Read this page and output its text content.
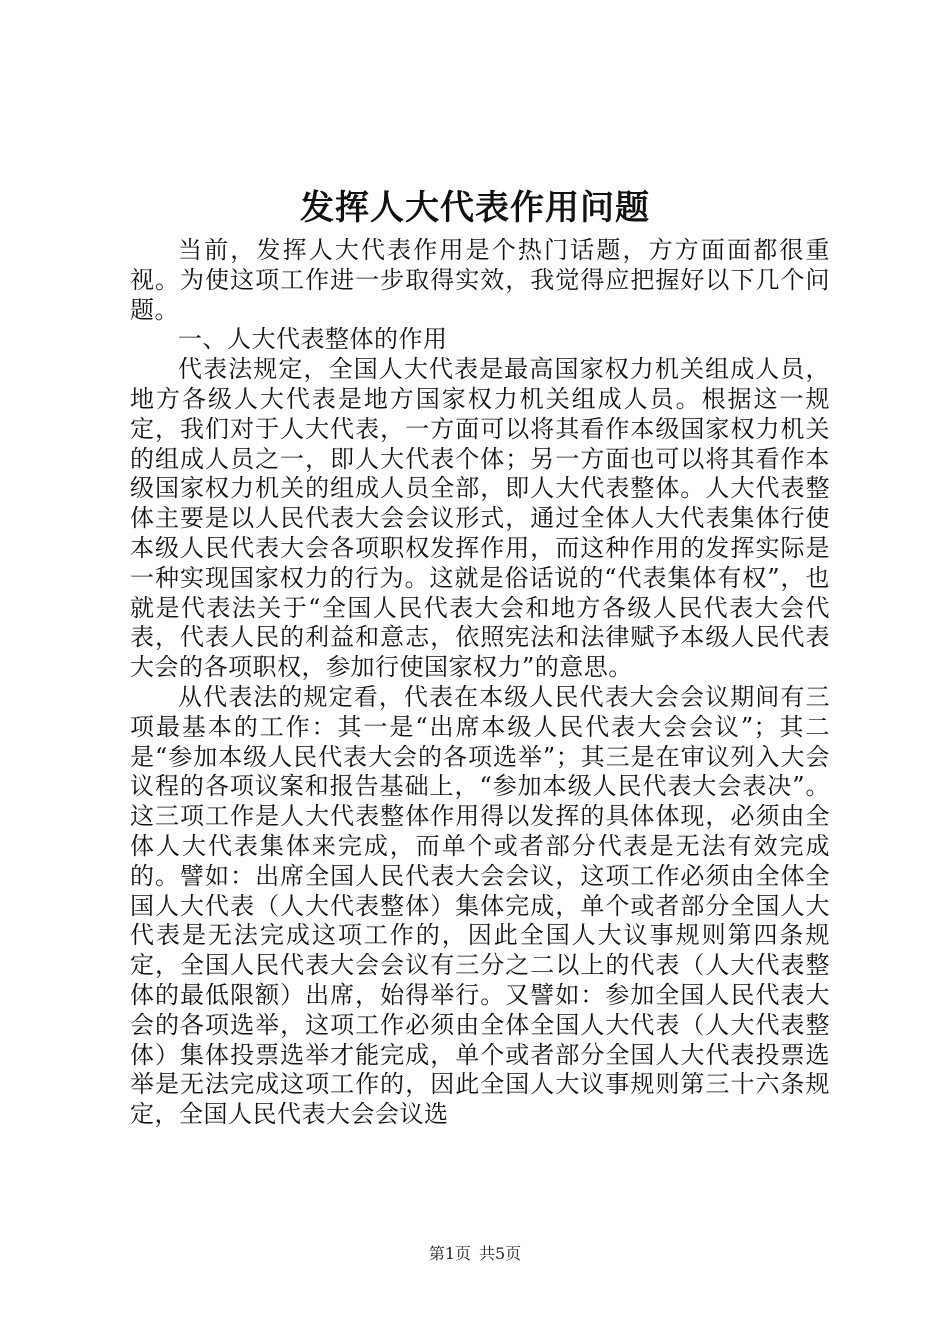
发挥人大代表作用问题

当前，发挥人大代表作用是个热门话题，方方面面都很重视。为使这项工作进一步取得实效，我觉得应把握好以下几个问题。

一、人大代表整体的作用

代表法规定，全国人大代表是最高国家权力机关组成人员，地方各级人大代表是地方国家权力机关组成人员。根据这一规定，我们对于人大代表，一方面可以将其看作本级国家权力机关的组成人员之一，即人大代表个体；另一方面也可以将其看作本级国家权力机关的组成人员全部，即人大代表整体。人大代表整体主要是以人民代表大会会议形式，通过全体人大代表集体行使本级人民代表大会各项职权发挥作用，而这种作用的发挥实际是一种实现国家权力的行为。这就是俗话说的“代表集体有权”，也就是代表法关于“全国人民代表大会和地方各级人民代表大会代表，代表人民的利益和意志，依照宪法和法律赋予本级人民代表大会的各项职权，参加行使国家权力”的意思。

从代表法的规定看，代表在本级人民代表大会会议期间有三项最基本的工作：其一是“出席本级人民代表大会会议”；其二是“参加本级人民代表大会的各项选举”；其三是在审议列入大会议程的各项议案和报告基础上，“参加本级人民代表大会表决”。这三项工作是人大代表整体作用得以发挥的具体体现，必须由全体人大代表集体来完成，而单个或者部分代表是无法有效完成的。譬如：出席全国人民代表大会会议，这项工作必须由全体全国人大代表（人大代表整体）集体完成，单个或者部分全国人大代表是无法完成这项工作的，因此全国人大议事规则第四条规定，全国人民代表大会会议有三分之二以上的代表（人大代表整体的最低限额）出席，始得举行。又譬如：参加全国人民代表大会的各项选举，这项工作必须由全体全国人大代表（人大代表整体）集体投票选举才能完成，单个或者部分全国人大代表投票选举是无法完成这项工作的，因此全国人大议事规则第三十六条规定，全国人民代表大会会议选

第1页 共5页
